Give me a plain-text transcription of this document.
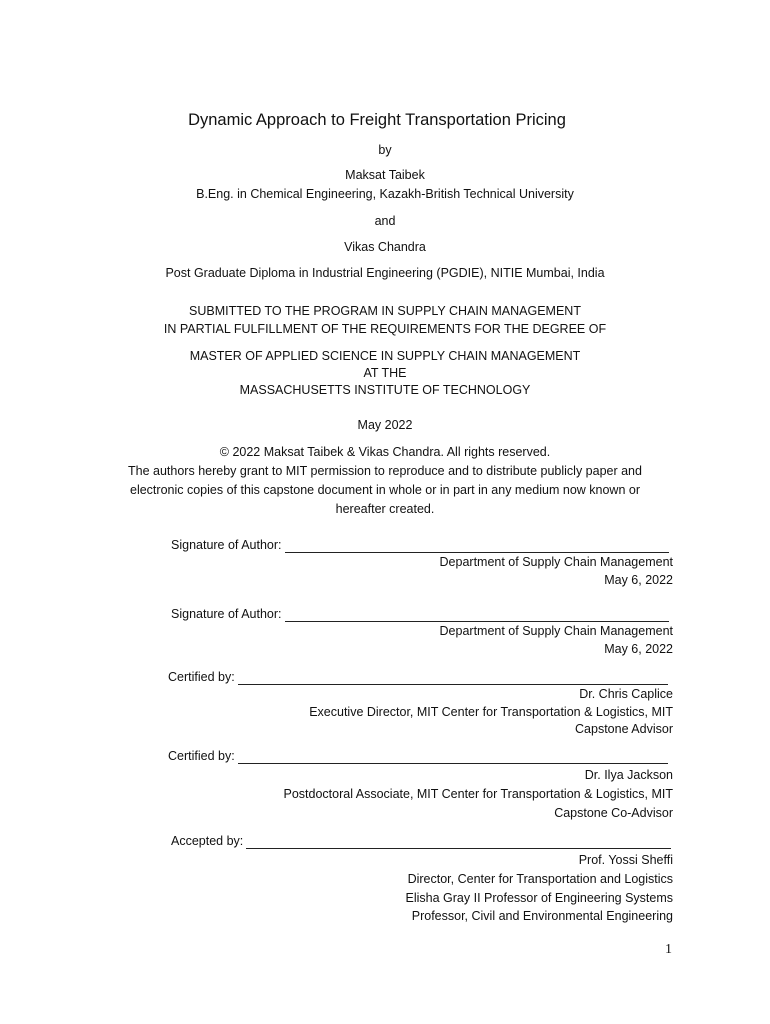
Dynamic Approach to Freight Transportation Pricing
by
Maksat Taibek
B.Eng. in Chemical Engineering, Kazakh-British Technical University
and
Vikas Chandra
Post Graduate Diploma in Industrial Engineering (PGDIE), NITIE Mumbai, India
SUBMITTED TO THE PROGRAM IN SUPPLY CHAIN MANAGEMENT
IN PARTIAL FULFILLMENT OF THE REQUIREMENTS FOR THE DEGREE OF
MASTER OF APPLIED SCIENCE IN SUPPLY CHAIN MANAGEMENT
AT THE
MASSACHUSETTS INSTITUTE OF TECHNOLOGY
May 2022
© 2022 Maksat Taibek & Vikas Chandra. All rights reserved.
The authors hereby grant to MIT permission to reproduce and to distribute publicly paper and
electronic copies of this capstone document in whole or in part in any medium now known or
hereafter created.
Signature of Author:
Department of Supply Chain Management
May 6, 2022
Signature of Author:
Department of Supply Chain Management
May 6, 2022
Certified by:
Dr. Chris Caplice
Executive Director, MIT Center for Transportation & Logistics, MIT
Capstone Advisor
Certified by:
Dr. Ilya Jackson
Postdoctoral Associate, MIT Center for Transportation & Logistics, MIT
Capstone Co-Advisor
Accepted by:
Prof. Yossi Sheffi
Director, Center for Transportation and Logistics
Elisha Gray II Professor of Engineering Systems
Professor, Civil and Environmental Engineering
1
